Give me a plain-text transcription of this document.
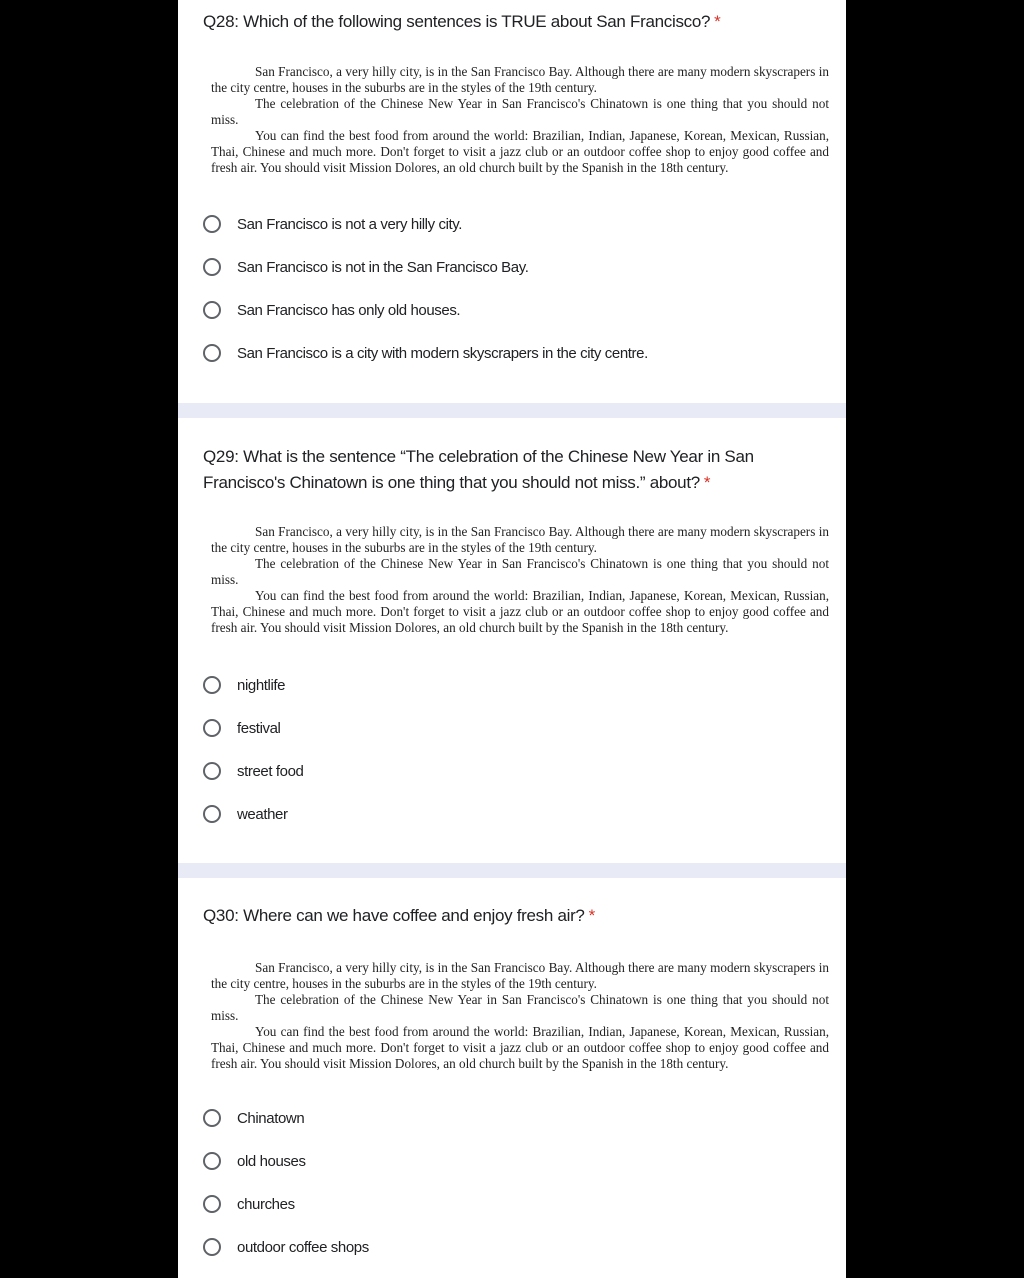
Q28: Which of the following sentences is TRUE about San Francisco? *

San Francisco, a very hilly city, is in the San Francisco Bay. Although there are many modern skyscrapers in the city centre, houses in the suburbs are in the styles of the 19th century.

The celebration of the Chinese New Year in San Francisco's Chinatown is one thing that you should not miss.

You can find the best food from around the world: Brazilian, Indian, Japanese, Korean, Mexican, Russian, Thai, Chinese and much more. Don't forget to visit a jazz club or an outdoor coffee shop to enjoy good coffee and fresh air. You should visit Mission Dolores, an old church built by the Spanish in the 18th century.

San Francisco is not a very hilly city.
San Francisco is not in the San Francisco Bay.
San Francisco has only old houses.
San Francisco is a city with modern skyscrapers in the city centre.
Q29: What is the sentence “The celebration of the Chinese New Year in San Francisco's Chinatown is one thing that you should not miss.” about? *

San Francisco, a very hilly city, is in the San Francisco Bay. Although there are many modern skyscrapers in the city centre, houses in the suburbs are in the styles of the 19th century.

The celebration of the Chinese New Year in San Francisco's Chinatown is one thing that you should not miss.

You can find the best food from around the world: Brazilian, Indian, Japanese, Korean, Mexican, Russian, Thai, Chinese and much more. Don't forget to visit a jazz club or an outdoor coffee shop to enjoy good coffee and fresh air. You should visit Mission Dolores, an old church built by the Spanish in the 18th century.

nightlife
festival
street food
weather
Q30: Where can we have coffee and enjoy fresh air? *

San Francisco, a very hilly city, is in the San Francisco Bay. Although there are many modern skyscrapers in the city centre, houses in the suburbs are in the styles of the 19th century.

The celebration of the Chinese New Year in San Francisco's Chinatown is one thing that you should not miss.

You can find the best food from around the world: Brazilian, Indian, Japanese, Korean, Mexican, Russian, Thai, Chinese and much more. Don't forget to visit a jazz club or an outdoor coffee shop to enjoy good coffee and fresh air. You should visit Mission Dolores, an old church built by the Spanish in the 18th century.

Chinatown
old houses
churches
outdoor coffee shops
